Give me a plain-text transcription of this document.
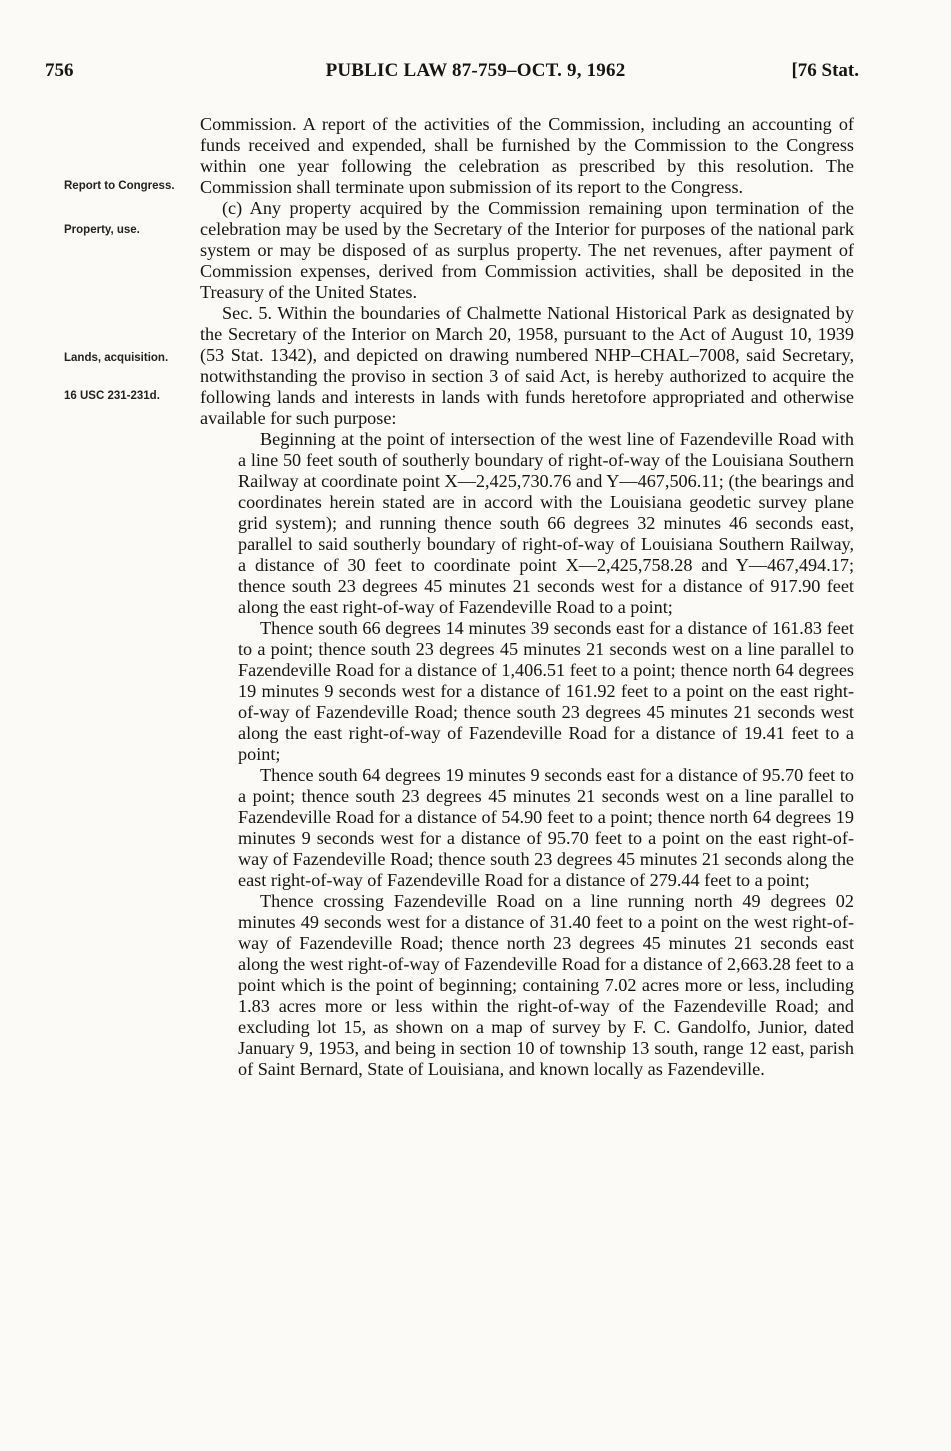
756	PUBLIC LAW 87-759–OCT. 9, 1962	[76 Stat.
Report to Congress.
Property, use.
Lands, acquisition.
16 USC 231-231d.

Commission. A report of the activities of the Commission, including an accounting of funds received and expended, shall be furnished by the Commission to the Congress within one year following the celebration as prescribed by this resolution. The Commission shall terminate upon submission of its report to the Congress.

(c) Any property acquired by the Commission remaining upon termination of the celebration may be used by the Secretary of the Interior for purposes of the national park system or may be disposed of as surplus property. The net revenues, after payment of Commission expenses, derived from Commission activities, shall be deposited in the Treasury of the United States.

Sec. 5. Within the boundaries of Chalmette National Historical Park as designated by the Secretary of the Interior on March 20, 1958, pursuant to the Act of August 10, 1939 (53 Stat. 1342), and depicted on drawing numbered NHP–CHAL–7008, said Secretary, notwithstanding the proviso in section 3 of said Act, is hereby authorized to acquire the following lands and interests in lands with funds heretofore appropriated and otherwise available for such purpose:

Beginning at the point of intersection of the west line of Fazendeville Road with a line 50 feet south of southerly boundary of right-of-way of the Louisiana Southern Railway at coordinate point X—2,425,730.76 and Y—467,506.11; (the bearings and coordinates herein stated are in accord with the Louisiana geodetic survey plane grid system); and running thence south 66 degrees 32 minutes 46 seconds east, parallel to said southerly boundary of right-of-way of Louisiana Southern Railway, a distance of 30 feet to coordinate point X—2,425,758.28 and Y—467,494.17; thence south 23 degrees 45 minutes 21 seconds west for a distance of 917.90 feet along the east right-of-way of Fazendeville Road to a point;

Thence south 66 degrees 14 minutes 39 seconds east for a distance of 161.83 feet to a point; thence south 23 degrees 45 minutes 21 seconds west on a line parallel to Fazendeville Road for a distance of 1,406.51 feet to a point; thence north 64 degrees 19 minutes 9 seconds west for a distance of 161.92 feet to a point on the east right-of-way of Fazendeville Road; thence south 23 degrees 45 minutes 21 seconds west along the east right-of-way of Fazendeville Road for a distance of 19.41 feet to a point;

Thence south 64 degrees 19 minutes 9 seconds east for a distance of 95.70 feet to a point; thence south 23 degrees 45 minutes 21 seconds west on a line parallel to Fazendeville Road for a distance of 54.90 feet to a point; thence north 64 degrees 19 minutes 9 seconds west for a distance of 95.70 feet to a point on the east right-of-way of Fazendeville Road; thence south 23 degrees 45 minutes 21 seconds along the east right-of-way of Fazendeville Road for a distance of 279.44 feet to a point;

Thence crossing Fazendeville Road on a line running north 49 degrees 02 minutes 49 seconds west for a distance of 31.40 feet to a point on the west right-of-way of Fazendeville Road; thence north 23 degrees 45 minutes 21 seconds east along the west right-of-way of Fazendeville Road for a distance of 2,663.28 feet to a point which is the point of beginning; containing 7.02 acres more or less, including 1.83 acres more or less within the right-of-way of the Fazendeville Road; and excluding lot 15, as shown on a map of survey by F. C. Gandolfo, Junior, dated January 9, 1953, and being in section 10 of township 13 south, range 12 east, parish of Saint Bernard, State of Louisiana, and known locally as Fazendeville.
